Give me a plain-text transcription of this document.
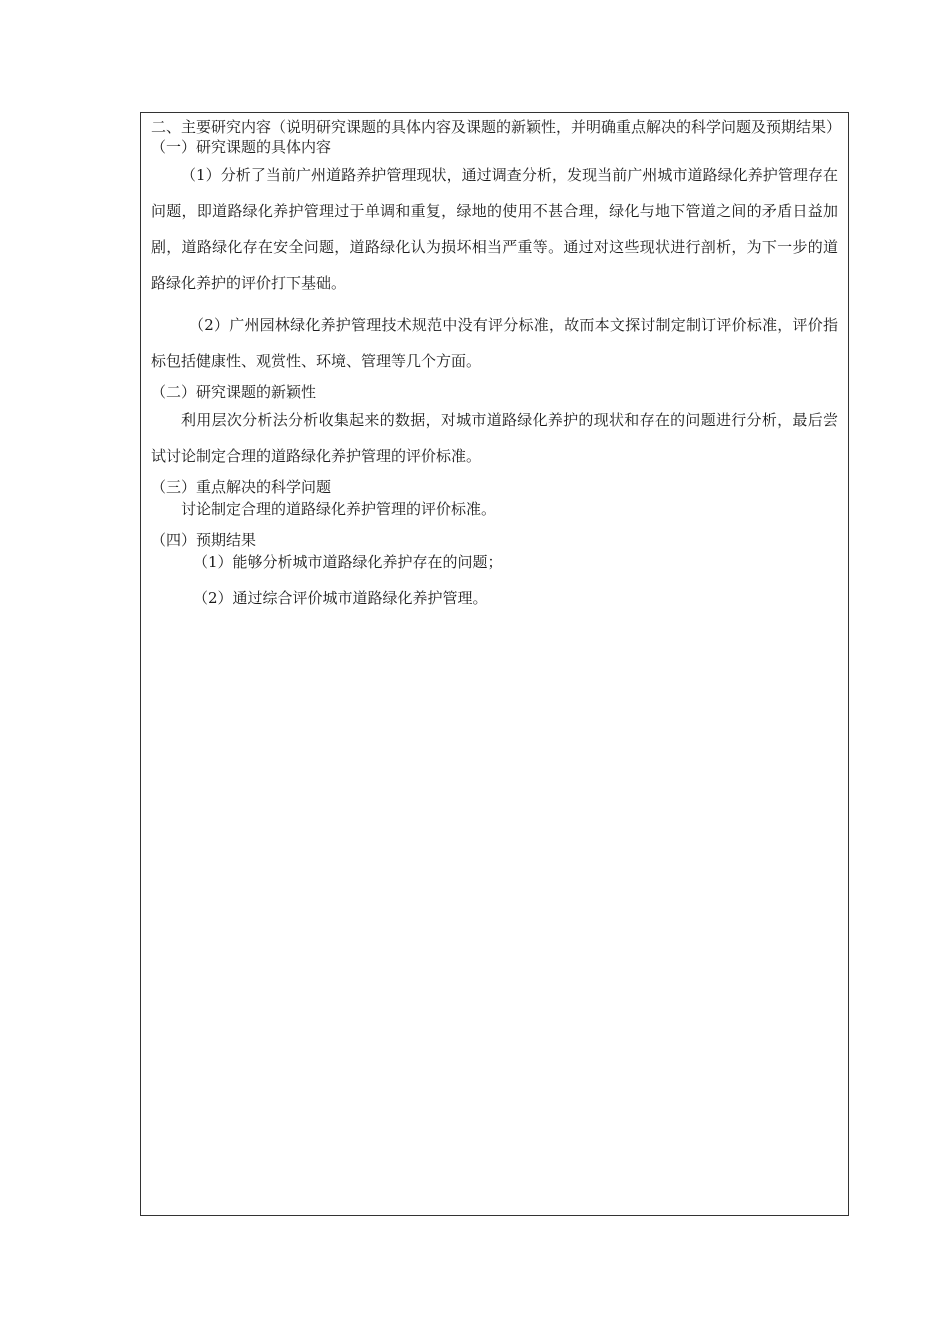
二、主要研究内容（说明研究课题的具体内容及课题的新颖性，并明确重点解决的科学问题及预期结果）

（一）研究课题的具体内容

（1）分析了当前广州道路养护管理现状，通过调查分析，发现当前广州城市道路绿化养护管理存在问题，即道路绿化养护管理过于单调和重复，绿地的使用不甚合理，绿化与地下管道之间的矛盾日益加剧，道路绿化存在安全问题，道路绿化认为损坏相当严重等。通过对这些现状进行剖析，为下一步的道路绿化养护的评价打下基础。

（2）广州园林绿化养护管理技术规范中没有评分标准，故而本文探讨制定制订评价标准，评价指标包括健康性、观赏性、环境、管理等几个方面。

（二）研究课题的新颖性

利用层次分析法分析收集起来的数据，对城市道路绿化养护的现状和存在的问题进行分析，最后尝试讨论制定合理的道路绿化养护管理的评价标准。

（三）重点解决的科学问题

讨论制定合理的道路绿化养护管理的评价标准。

（四）预期结果

（1）能够分析城市道路绿化养护存在的问题；

（2）通过综合评价城市道路绿化养护管理。
